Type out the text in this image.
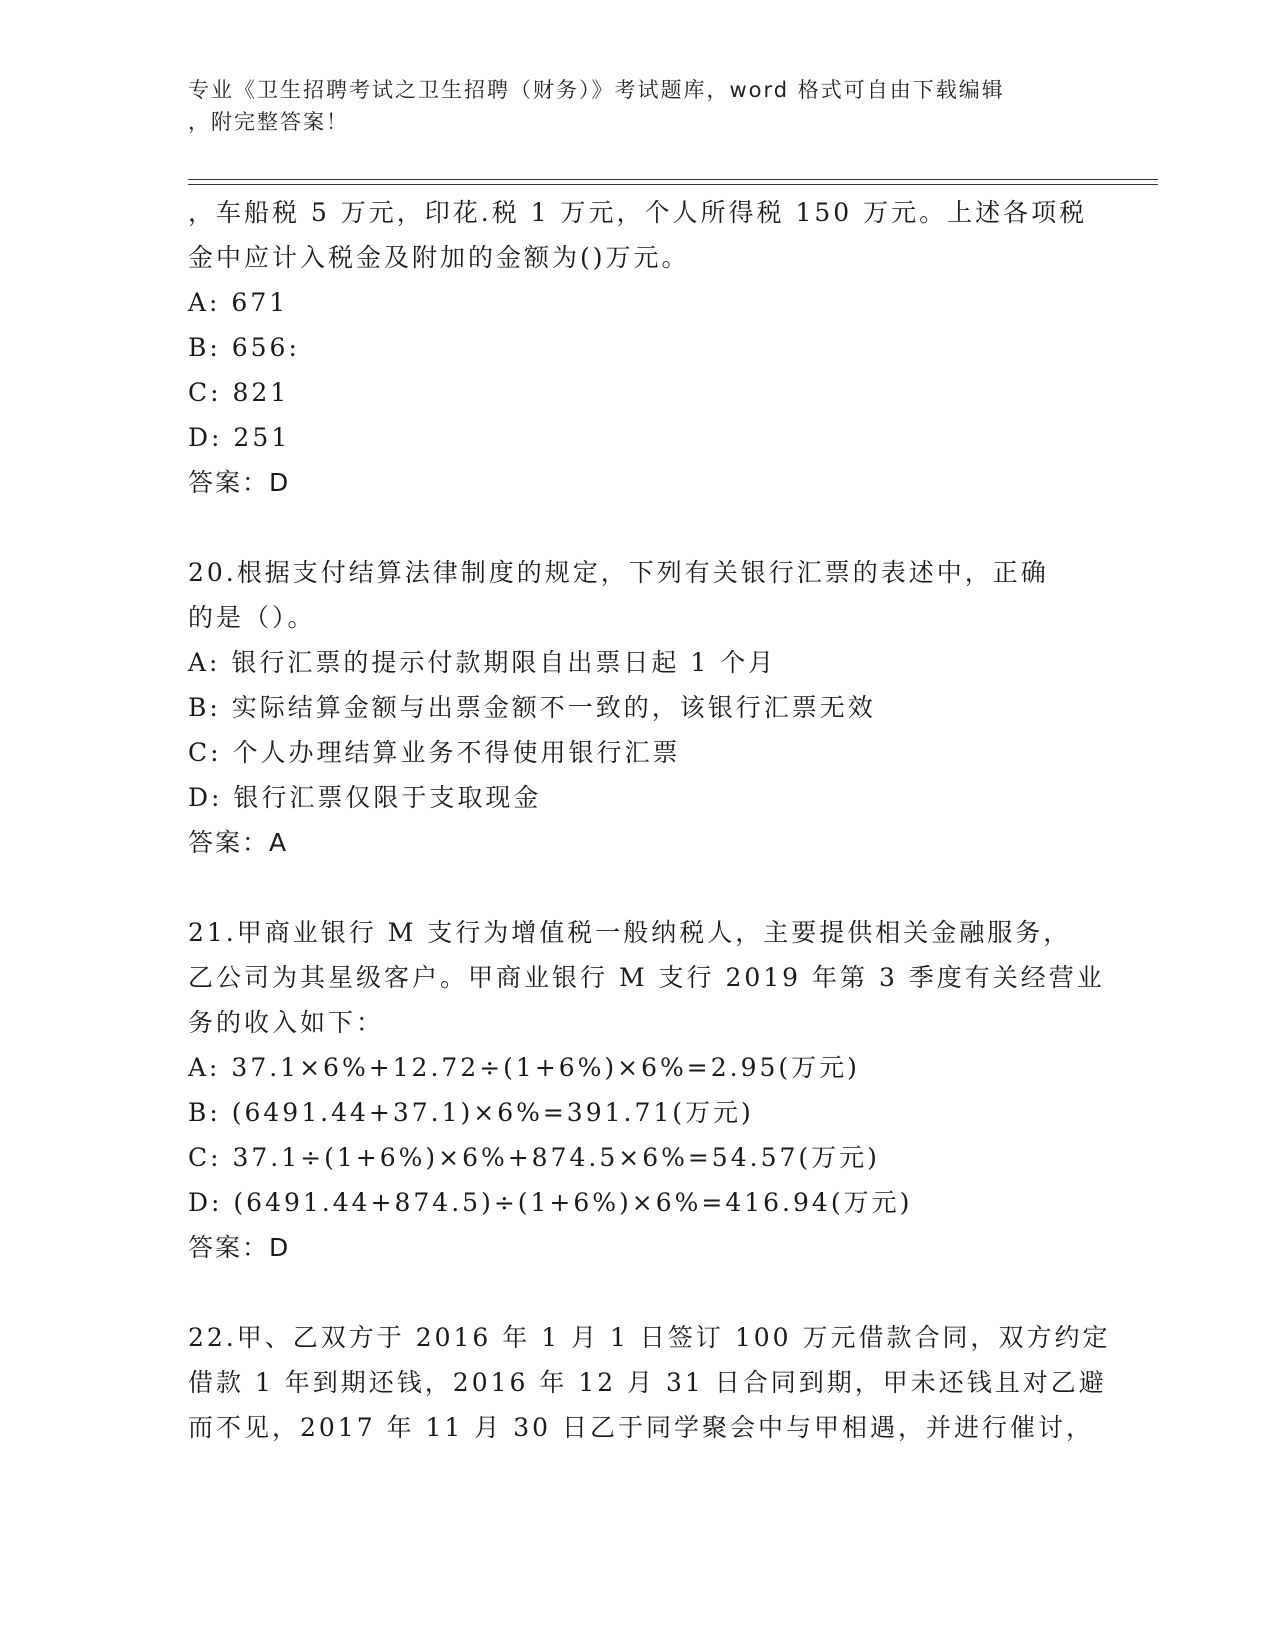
专业《卫生招聘考试之卫生招聘（财务）》考试题库，word 格式可自由下载编辑
，附完整答案！

，车船税 5 万元，印花.税 1 万元，个人所得税 150 万元。上述各项税

金中应计入税金及附加的金额为()万元。

A: 671

B: 656:

C: 821

D: 251

答案：D

20.根据支付结算法律制度的规定，下列有关银行汇票的表述中，正确

的是（）。

A: 银行汇票的提示付款期限自出票日起 1 个月

B: 实际结算金额与出票金额不一致的，该银行汇票无效

C: 个人办理结算业务不得使用银行汇票

D: 银行汇票仅限于支取现金

答案：A

21.甲商业银行 M 支行为增值税一般纳税人，主要提供相关金融服务，

乙公司为其星级客户。甲商业银行 M 支行 2019 年第 3 季度有关经营业

务的收入如下：

A: 37.1×6%+12.72÷(1+6%)×6%=2.95(万元)

B: (6491.44+37.1)×6%=391.71(万元)

C: 37.1÷(1+6%)×6%+874.5×6%=54.57(万元)

D: (6491.44+874.5)÷(1+6%)×6%=416.94(万元)

答案：D

22.甲、乙双方于 2016 年 1 月 1 日签订 100 万元借款合同，双方约定

借款 1 年到期还钱，2016 年 12 月 31 日合同到期，甲未还钱且对乙避

而不见，2017 年 11 月 30 日乙于同学聚会中与甲相遇，并进行催讨，
